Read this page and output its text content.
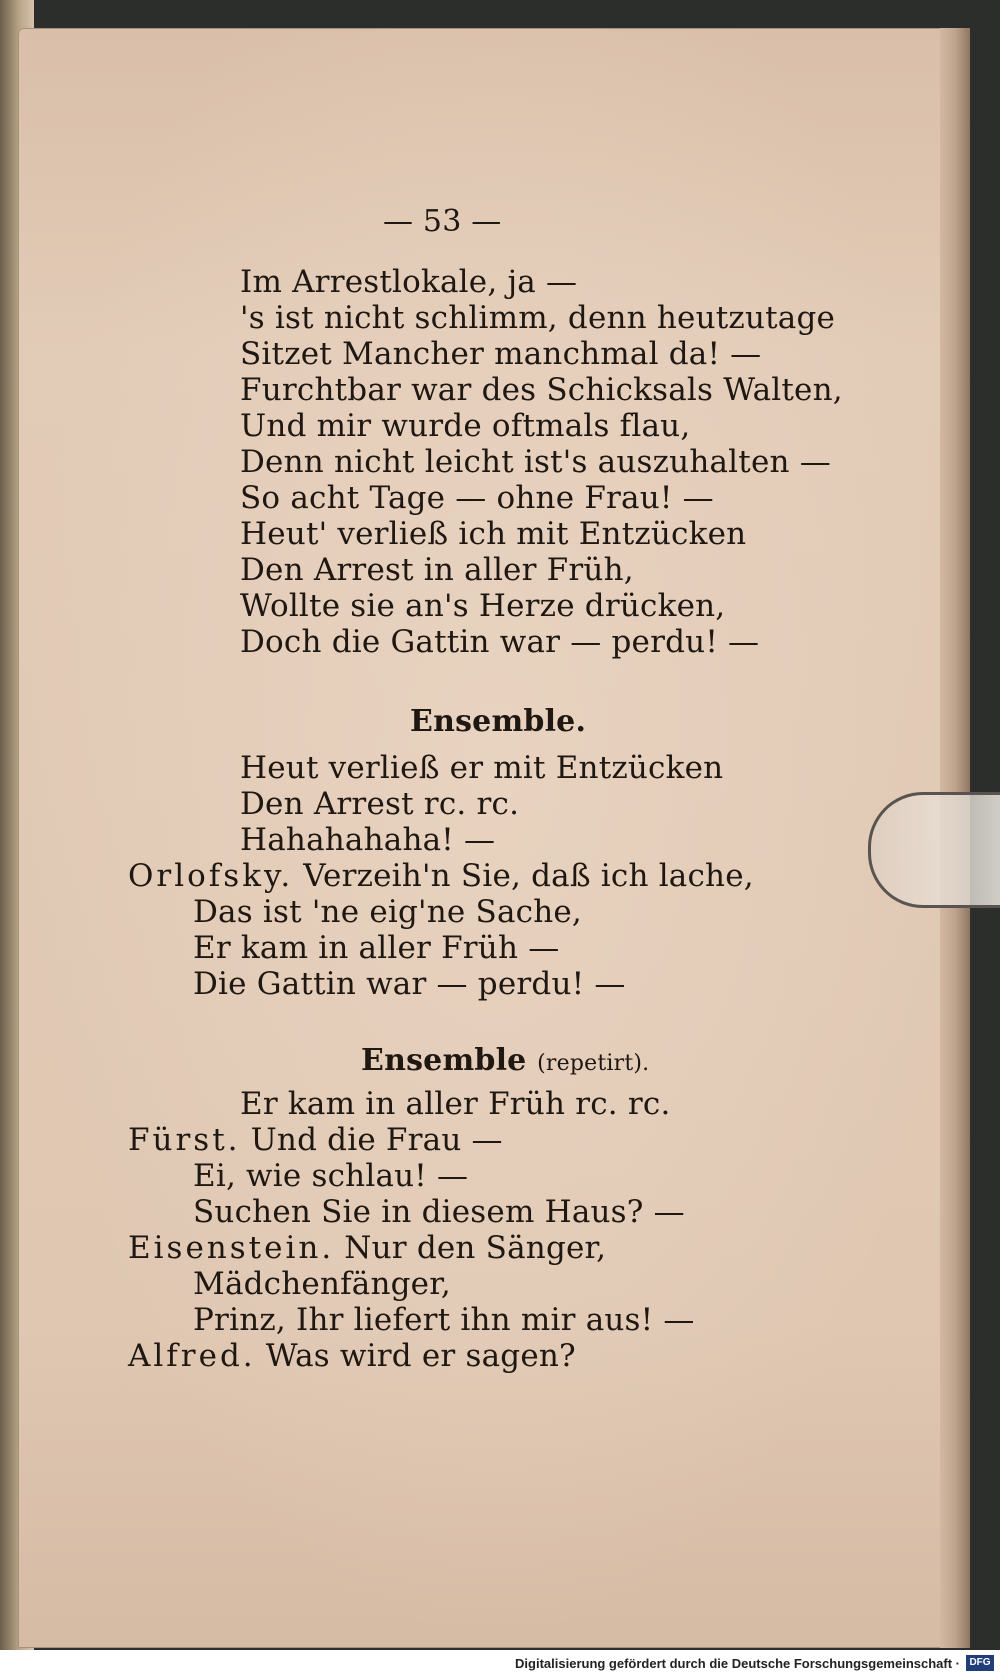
— 53 —
Im Arrestlokale, ja —
's ist nicht schlimm, denn heutzutage
Sitzet Mancher manchmal da! —
Furchtbar war des Schicksals Walten,
Und mir wurde oftmals flau,
Denn nicht leicht ist's auszuhalten —
So acht Tage — ohne Frau! —
Heut' verließ ich mit Entzücken
Den Arrest in aller Früh,
Wollte sie an's Herze drücken,
Doch die Gattin war — perdu! —
Ensemble.
Heut verließ er mit Entzücken
Den Arrest rc. rc.
Hahahahaha! —
Orlofsky. Verzeih'n Sie, daß ich lache,
Das ist 'ne eig'ne Sache,
Er kam in aller Früh —
Die Gattin war — perdu! —
Ensemble (repetirt).
Er kam in aller Früh rc. rc.
Fürst. Und die Frau —
Ei, wie schlau! —
Suchen Sie in diesem Haus? —
Eisenstein. Nur den Sänger,
Mädchenfänger,
Prinz, Ihr liefert ihn mir aus! —
Alfred. Was wird er sagen?
Digitalisierung gefördert durch die Deutsche Forschungsgemeinschaft · DFG
